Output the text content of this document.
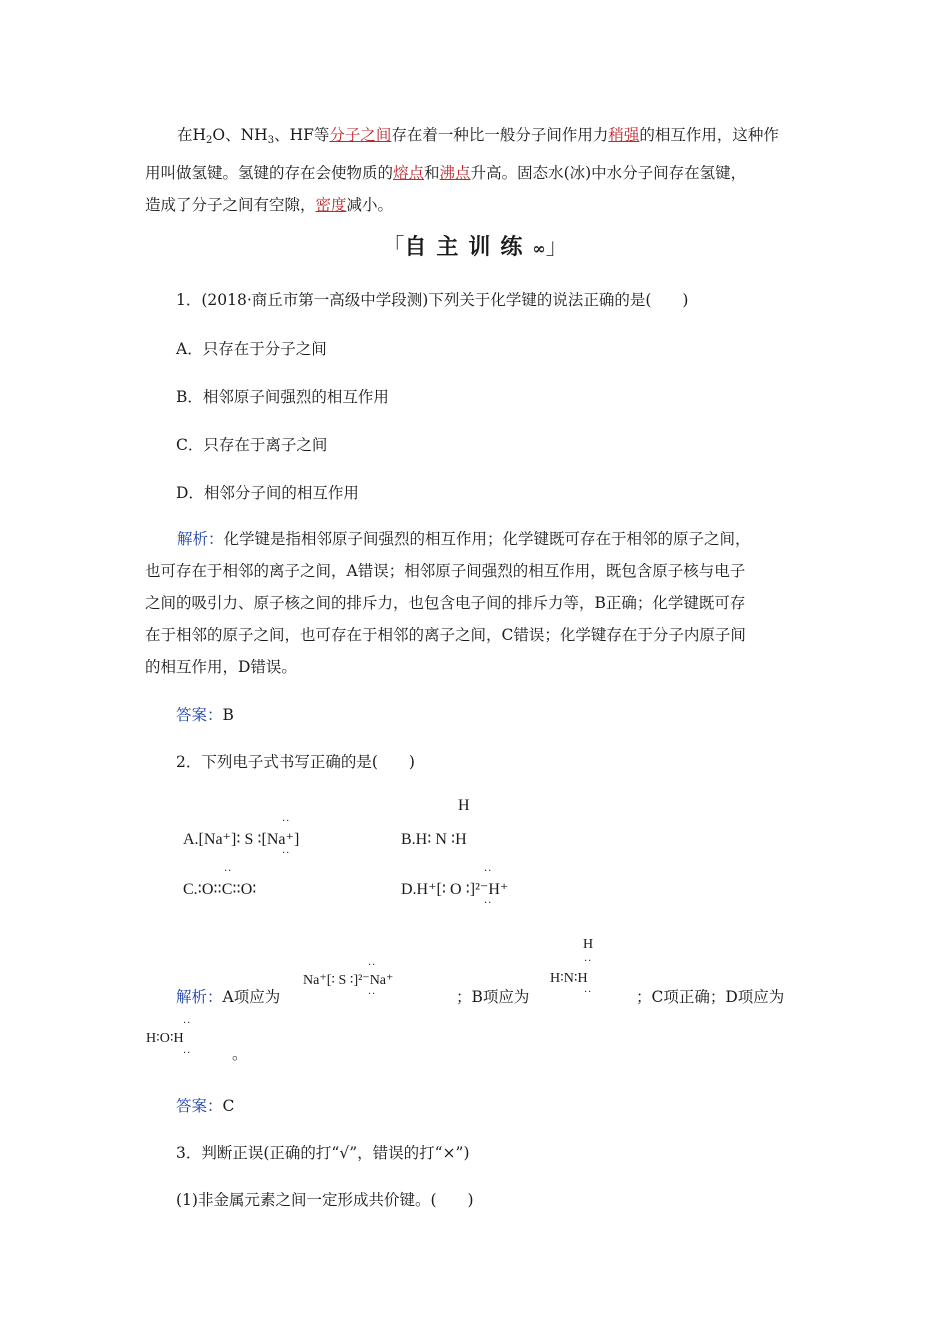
在$H_2O$、$NH_3$、HF等分子之间存在着一种比一般分子间作用力稍强的相互作用，这种作
用叫做氢键。氢键的存在会使物质的熔点和沸点升高。固态水(冰)中水分子间存在氢键，
造成了分子之间有空隙，密度减小。
「自主训练∞」
1．(2018·商丘市第一高级中学段测)下列关于化学键的说法正确的是(　　)
A．只存在于分子之间
B．相邻原子间强烈的相互作用
C．只存在于离子之间
D．相邻分子间的相互作用
解析：化学键是指相邻原子间强烈的相互作用；化学键既可存在于相邻的原子之间，
也可存在于相邻的离子之间，A错误；相邻原子间强烈的相互作用，既包含原子核与电子
之间的吸引力、原子核之间的排斥力，也包含电子间的排斥力等，B正确；化学键既可存
在于相邻的原子之间，也可存在于相邻的离子之间，C错误；化学键存在于分子内原子间
的相互作用，D错误。
答案：B
2．下列电子式书写正确的是(　　)
A.[Na⁺]∶ S ∶[Na⁺]
··
··
H
B.H∶ N ∶H
C.∶O∶∶C∶∶O∶
··
D.H⁺[∶ O ∶]²⁻H⁺
··
··
解析：A项应为
Na⁺[∶ S ∶]²⁻Na⁺
··
··	；B项应为
H
··
H∶N∶H
··	；C项正确；D项应为
··
H∶O∶H
··	。
答案：C
3．判断正误(正确的打“√”，错误的打“×”)
(1)非金属元素之间一定形成共价键。(　　)
